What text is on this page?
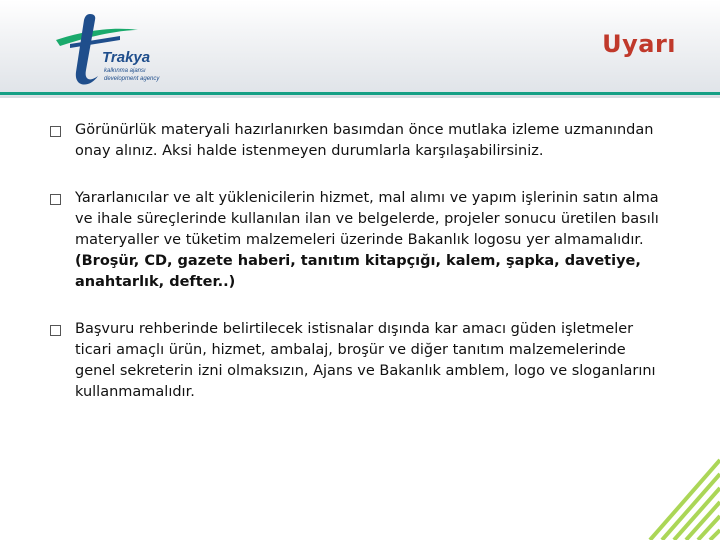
Trakya
kalkınma ajansı
development agency
Uyarı
Görünürlük materyali hazırlanırken basımdan önce mutlaka izleme uzmanından onay alınız. Aksi halde istenmeyen durumlarla karşılaşabilirsiniz.
Yararlanıcılar ve alt yüklenicilerin hizmet, mal alımı ve yapım işlerinin satın alma ve ihale süreçlerinde kullanılan ilan ve belgelerde, projeler sonucu üretilen basılı materyaller ve tüketim malzemeleri üzerinde Bakanlık logosu yer almamalıdır. (Broşür, CD, gazete haberi, tanıtım kitapçığı, kalem, şapka, davetiye, anahtarlık, defter..)
Başvuru rehberinde belirtilecek istisnalar dışında kar amacı güden işletmeler ticari amaçlı ürün, hizmet, ambalaj, broşür ve diğer tanıtım malzemelerinde genel sekreterin izni olmaksızın, Ajans ve Bakanlık amblem, logo ve sloganlarını kullanmamalıdır.
